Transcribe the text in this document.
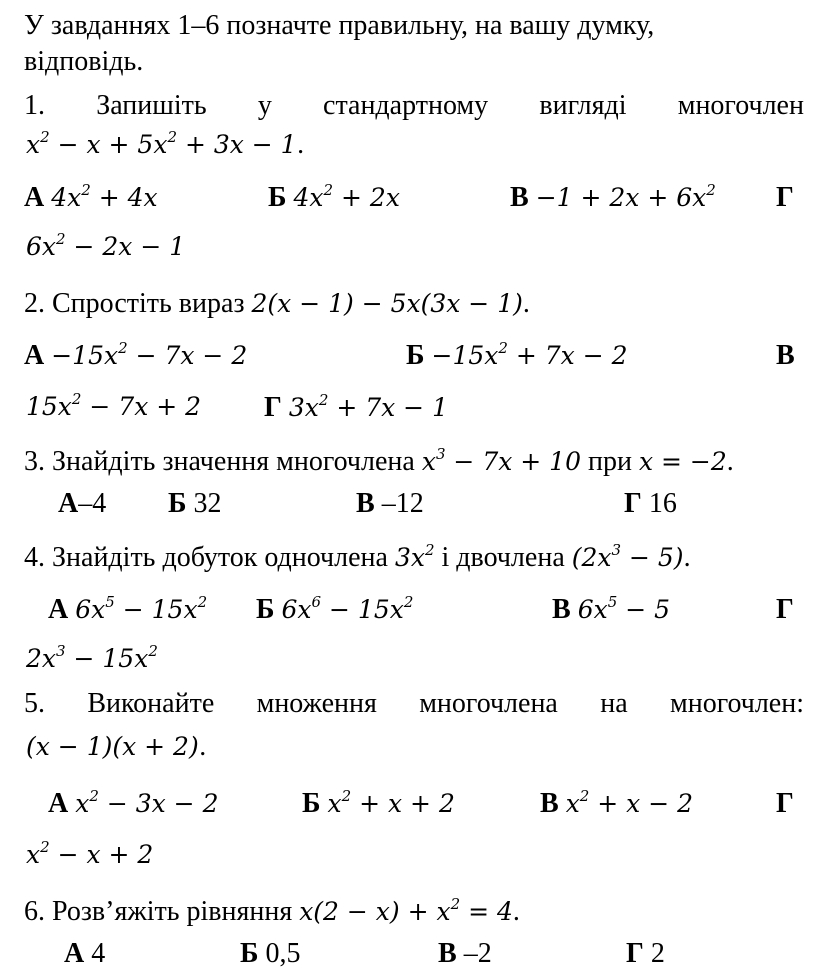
У завданнях 1–6 позначте правильну, на вашу думку,
відповідь.
1. Запишіть у стандартному вигляді многочлен
$x^2 - x + 5x^2 + 3x - 1$.
А $4x^2 + 4x$	Б $4x^2 + 2x$	$В -1 + 2x + 6x^2$ Г
$6x^2 - 2x - 1$
2. Спростіть вираз 2(x − 1) − 5x(3x − 1).
$А -15x^2 - 7x - 2$	$Б -15x^2 + 7x - 2$	В
$15x^2 - 7x + 2$ Г $3x^2 + 7x - 1$
3. Знайдіть значення многочлена $x^3 - 7x + 10$ при x = −2.
А–4 Б 32	В –12	Г 16
4. Знайдіть добуток одночлена $3x^2$ і двочлена $(2x^3 - 5)$.
А $6x^5 - 15x^2$ Б $6x^6 - 15x^2$	В $6x^5 - 5$	Г
$2x^3 - 15x^2$
5. Виконайте множення многочлена на многочлен:
(x − 1)(x + 2).
А $x^2 - 3x - 2$	Б $x^2 + x + 2$	В $x^2 + x - 2$	Г
$x^2 - x + 2$
6. Розв’яжіть рівняння $x(2 - x) + x^2 = 4$.
А 4	Б 0,5	В –2	Г 2
